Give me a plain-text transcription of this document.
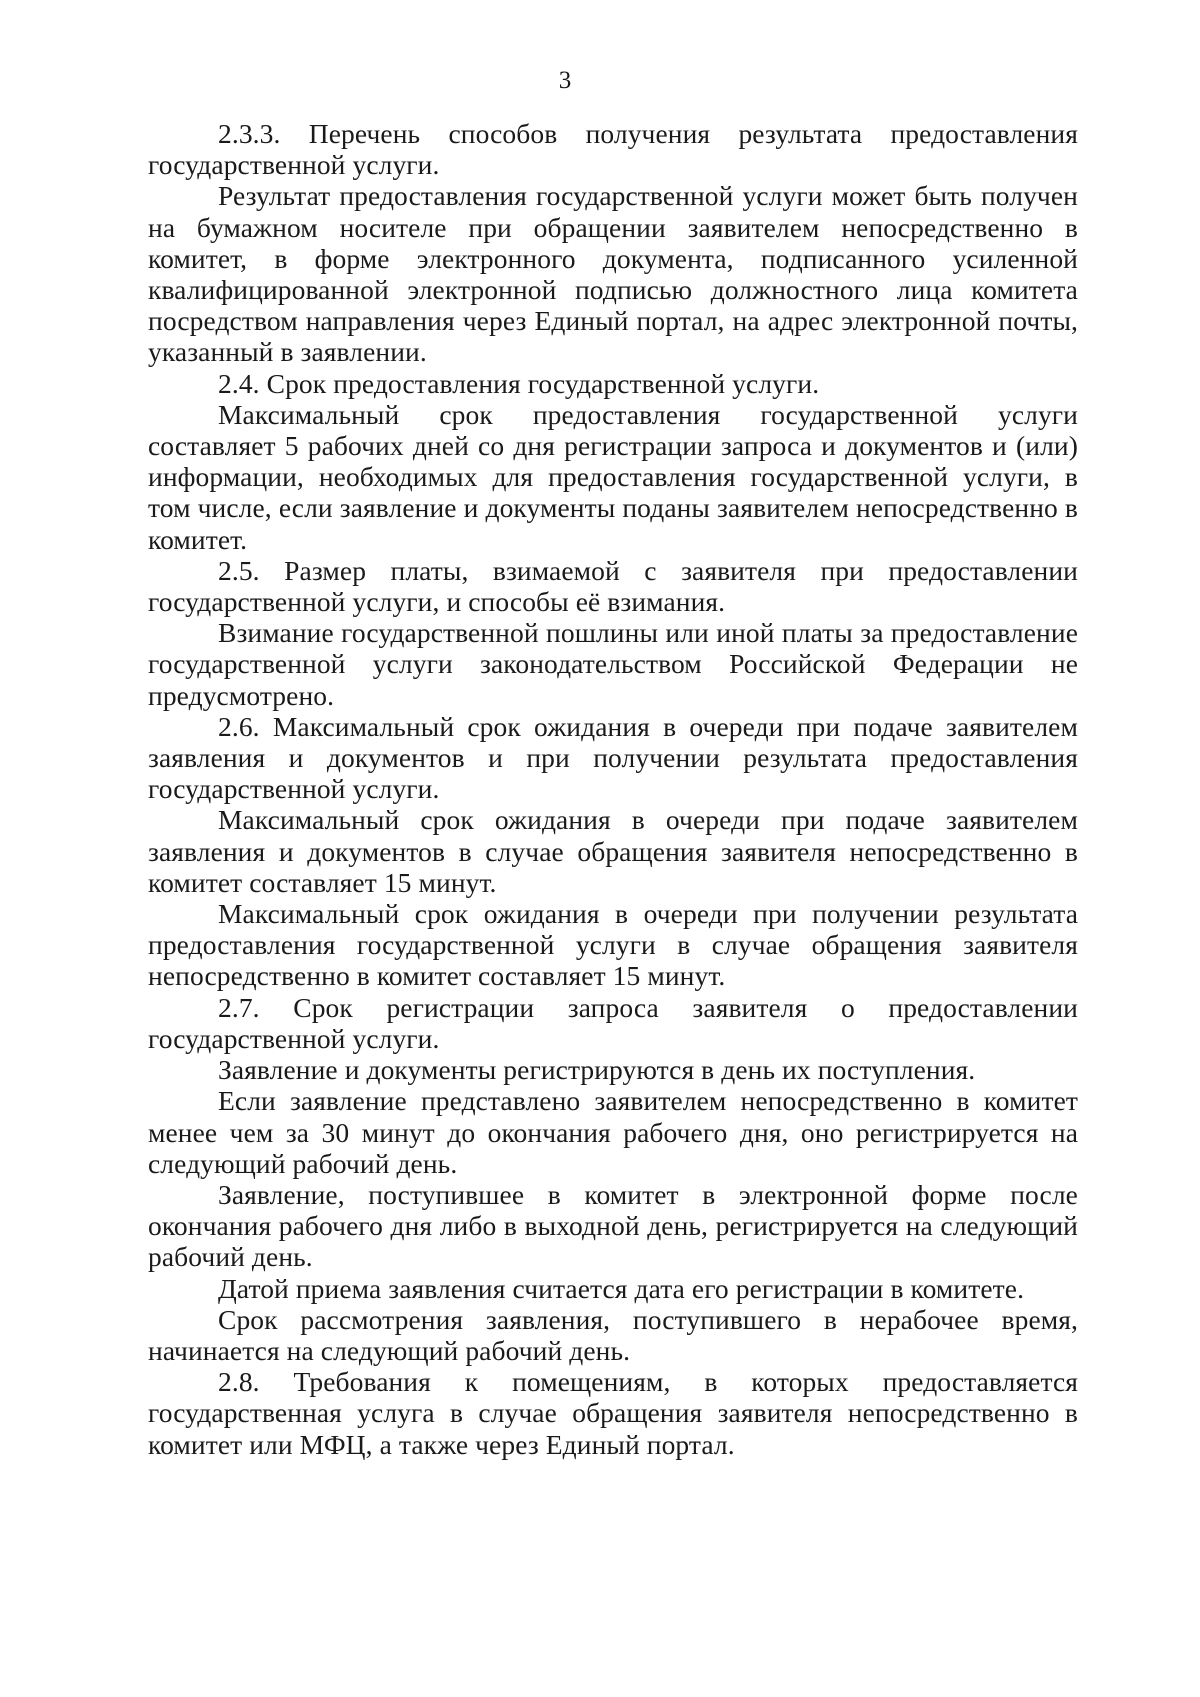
3

2.3.3. Перечень способов получения результата предоставления государственной услуги.

Результат предоставления государственной услуги может быть получен на бумажном носителе при обращении заявителем непосредственно в комитет, в форме электронного документа, подписанного усиленной квалифицированной электронной подписью должностного лица комитета посредством направления через Единый портал, на адрес электронной почты, указанный в заявлении.

2.4. Срок предоставления государственной услуги.

Максимальный срок предоставления государственной услуги составляет 5 рабочих дней со дня регистрации запроса и документов и (или) информации, необходимых для предоставления государственной услуги, в том числе, если заявление и документы поданы заявителем непосредственно в комитет.

2.5. Размер платы, взимаемой с заявителя при предоставлении государственной услуги, и способы её взимания.

Взимание государственной пошлины или иной платы за предоставление государственной услуги законодательством Российской Федерации не предусмотрено.

2.6. Максимальный срок ожидания в очереди при подаче заявителем заявления и документов и при получении результата предоставления государственной услуги.

Максимальный срок ожидания в очереди при подаче заявителем заявления и документов в случае обращения заявителя непосредственно в комитет составляет 15 минут.

Максимальный срок ожидания в очереди при получении результата предоставления государственной услуги в случае обращения заявителя непосредственно в комитет составляет 15 минут.

2.7. Срок регистрации запроса заявителя о предоставлении государственной услуги.

Заявление и документы регистрируются в день их поступления.

Если заявление представлено заявителем непосредственно в комитет менее чем за 30 минут до окончания рабочего дня, оно регистрируется на следующий рабочий день.

Заявление, поступившее в комитет в электронной форме после окончания рабочего дня либо в выходной день, регистрируется на следующий рабочий день.

Датой приема заявления считается дата его регистрации в комитете.

Срок рассмотрения заявления, поступившего в нерабочее время, начинается на следующий рабочий день.

2.8. Требования к помещениям, в которых предоставляется государственная услуга в случае обращения заявителя непосредственно в комитет или МФЦ, а также через Единый портал.
